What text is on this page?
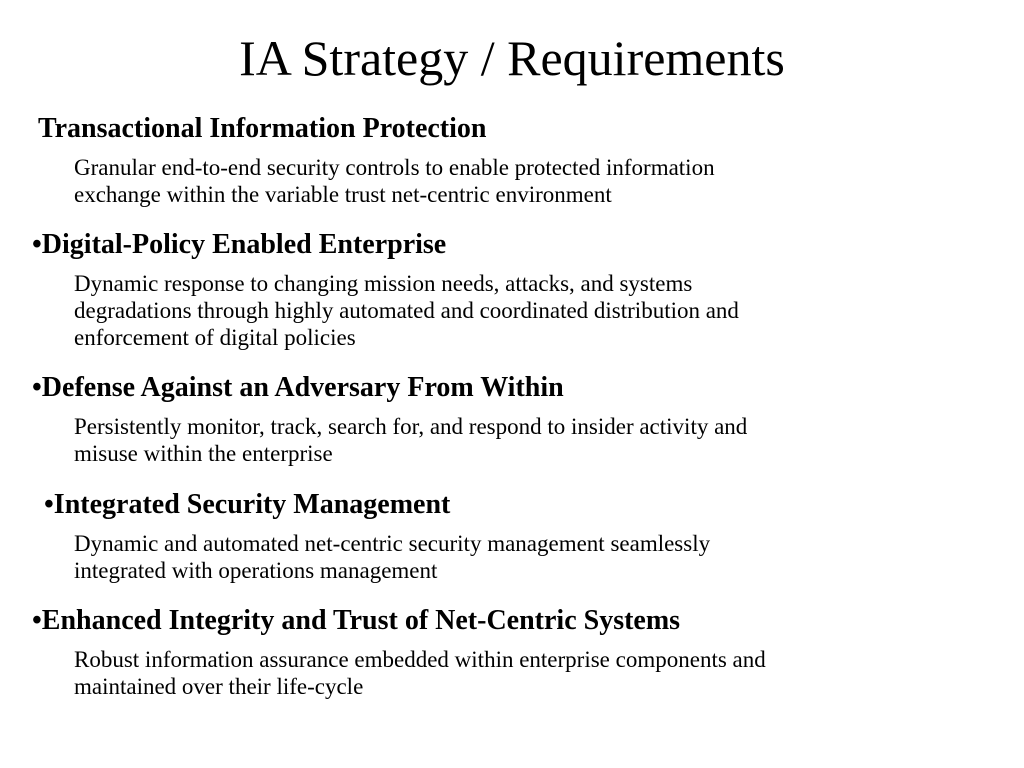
IA Strategy / Requirements
Transactional Information Protection
Granular end-to-end security controls to enable protected information
exchange within the variable trust net-centric environment
•Digital-Policy Enabled Enterprise
Dynamic response to changing mission needs, attacks, and systems
degradations through highly automated and coordinated distribution and
enforcement of digital policies
•Defense Against an Adversary From Within
Persistently monitor, track, search for, and respond to insider activity and
misuse within the enterprise
•Integrated Security Management
Dynamic and automated net-centric security management seamlessly
integrated with operations management
•Enhanced Integrity and Trust of Net-Centric Systems
Robust information assurance embedded within enterprise components and
maintained over their life-cycle
